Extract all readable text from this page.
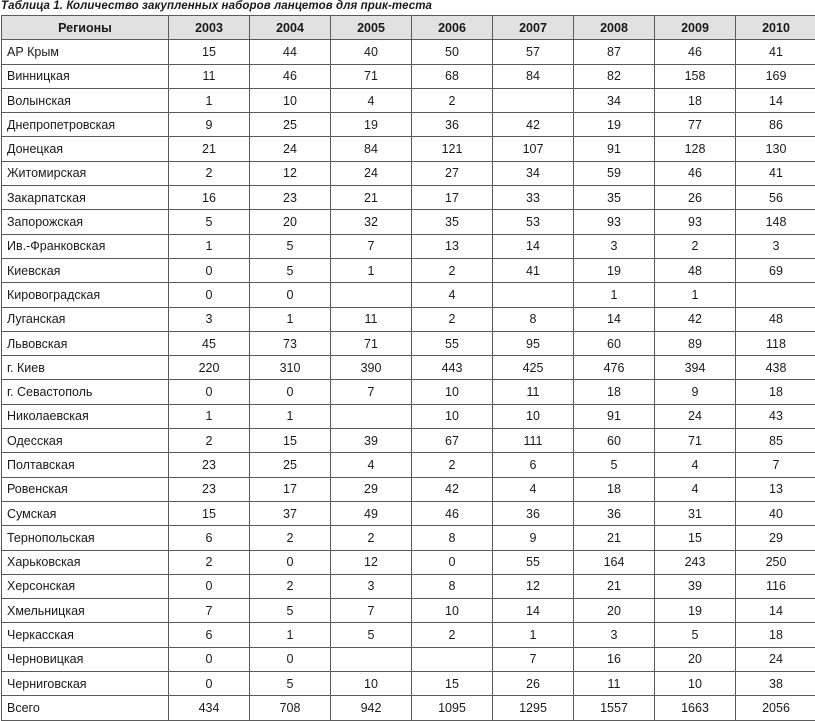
Таблица 1. Количество закупленных наборов ланцетов для прик-теста
Регионы	2003	2004	2005	2006	2007	2008	2009	2010
АР Крым	15	44	40	50	57	87	46	41
Винницкая	11	46	71	68	84	82	158	169
Волынская	1	10	4	2		34	18	14
Днепропетровская	9	25	19	36	42	19	77	86
Донецкая	21	24	84	121	107	91	128	130
Житомирская	2	12	24	27	34	59	46	41
Закарпатская	16	23	21	17	33	35	26	56
Запорожская	5	20	32	35	53	93	93	148
Ив.-Франковская	1	5	7	13	14	3	2	3
Киевская	0	5	1	2	41	19	48	69
Кировоградская	0	0		4		1	1	
Луганская	3	1	11	2	8	14	42	48
Львовская	45	73	71	55	95	60	89	118
г. Киев	220	310	390	443	425	476	394	438
г. Севастополь	0	0	7	10	11	18	9	18
Николаевская	1	1		10	10	91	24	43
Одесская	2	15	39	67	111	60	71	85
Полтавская	23	25	4	2	6	5	4	7
Ровенская	23	17	29	42	4	18	4	13
Сумская	15	37	49	46	36	36	31	40
Тернопольская	6	2	2	8	9	21	15	29
Харьковская	2	0	12	0	55	164	243	250
Херсонская	0	2	3	8	12	21	39	116
Хмельницкая	7	5	7	10	14	20	19	14
Черкасская	6	1	5	2	1	3	5	18
Черновицкая	0	0			7	16	20	24
Черниговская	0	5	10	15	26	11	10	38
Всего	434	708	942	1095	1295	1557	1663	2056
